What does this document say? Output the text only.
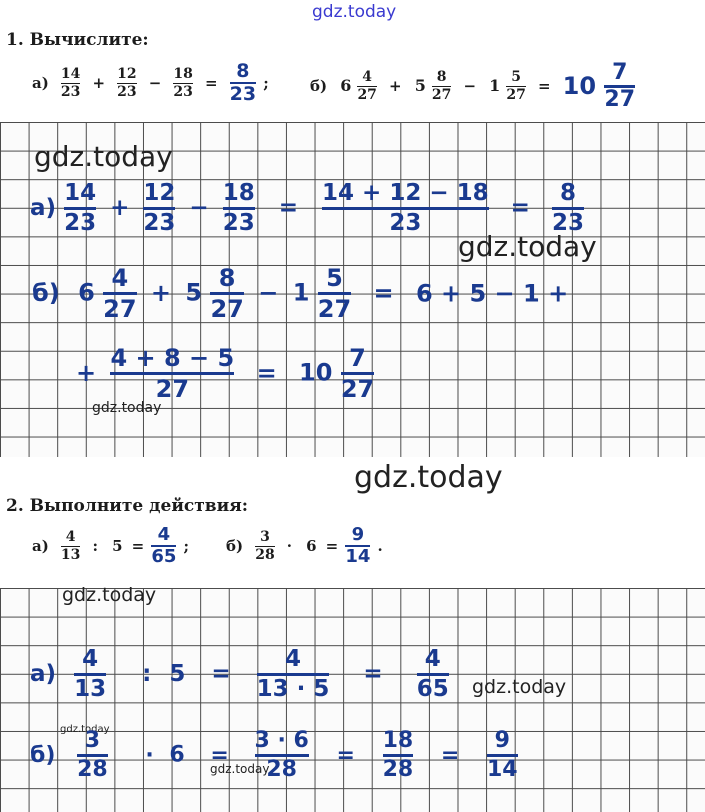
gdz.today
1. Вычислите:
$а) \frac{14}{23} + \frac{12}{23} - \frac{18}{23} = \frac{8}{23}$ ;	б) $6 \frac{4}{27} + 5 \frac{8}{27} - 1 \frac{5}{27} = 10 \frac{7}{27}$
gdz.today
gdz.today
gdz.today
$а) \frac{14}{23} + \frac{12}{23} - \frac{18}{23} = \frac{14 + 12 - 18}{23} = \frac{8}{23}$
б) $6 \frac{4}{27} + 5 \frac{8}{27} - 1 \frac{5}{27} = 6 + 5 - 1$ +
+ $\frac{4 + 8 - 5}{27} = 10 \frac{7}{27}$
gdz.today
2. Выполните действия:
$а) \frac{4}{13}$ : $5 = \frac{4}{65}$ ; $б) \frac{3}{28} \cdot 6 = \frac{9}{14}$ .
gdz.today
gdz.today
gdz.today
gdz.today
$а) \frac{4}{13}$ : $5 = \frac{4}{13 \cdot 5} = \frac{4}{65}$
$б) \frac{3}{28} \cdot 6 = \frac{3 \cdot 6}{28} = \frac{18}{28} = \frac{9}{14}$
